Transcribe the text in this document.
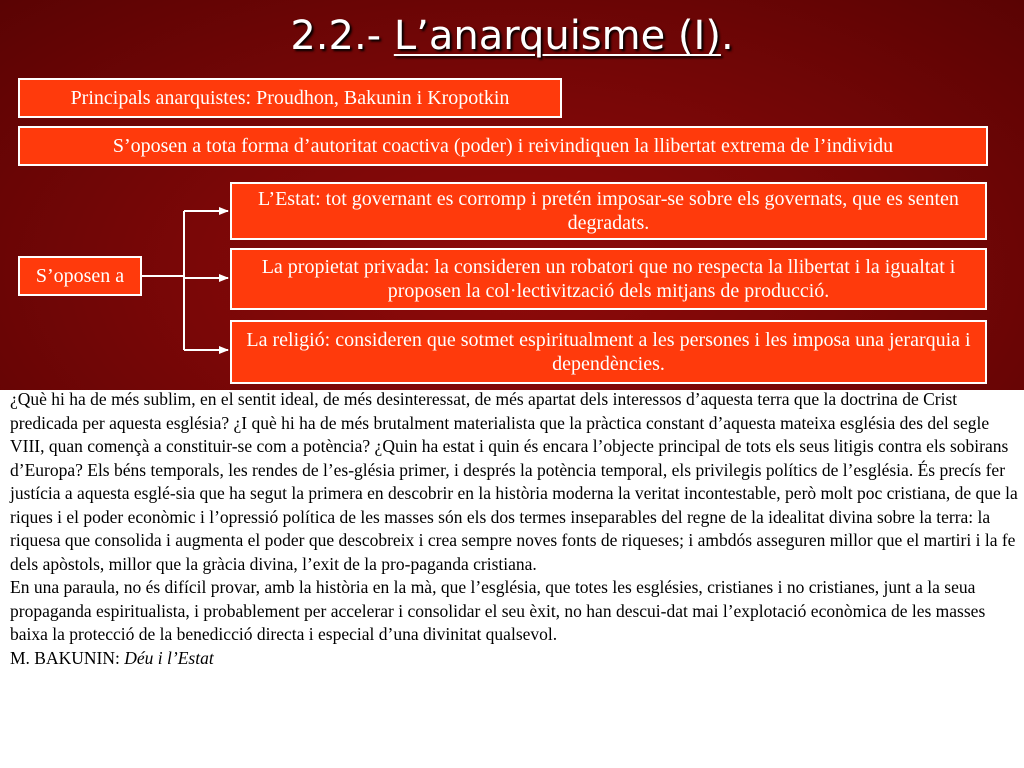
2.2.- L’anarquisme (I).
Principals anarquistes: Proudhon, Bakunin i Kropotkin
S’oposen a tota forma d’autoritat coactiva (poder) i reivindiquen la llibertat extrema de l’individu
S’oposen a
L’Estat: tot governant es corromp i pretén imposar-se sobre els governats, que es senten degradats.
La propietat privada: la consideren un robatori que no respecta la llibertat i la igualtat i proposen la col·lectivització dels mitjans de producció.
La religió: consideren que sotmet espiritualment a les persones i les imposa una jerarquia i dependències.

¿Què hi ha de més sublim, en el sentit ideal, de més desinteressat, de més apartat dels interessos d’aquesta terra que la doctrina de Crist predicada per aquesta església? ¿I què hi ha de més brutalment materialista que la pràctica constant d’aquesta mateixa església des del segle VIII, quan començà a constituir-se com a potència? ¿Quin ha estat i quin és encara l’objecte principal de tots els seus litigis contra els sobirans d’Europa? Els béns temporals, les rendes de l’es-glésia primer, i després la potència temporal, els privilegis polítics de l’església. És precís fer justícia a aquesta esglé-sia que ha segut la primera en descobrir en la història moderna la veritat incontestable, però molt poc cristiana, de que la riques i el poder econòmic i l’opressió política de les masses són els dos termes inseparables del regne de la idealitat divina sobre la terra: la riquesa que consolida i augmenta el poder que descobreix i crea sempre noves fonts de riqueses; i ambdós asseguren millor que el martiri i la fe dels apòstols, millor que la gràcia divina, l’exit de la pro-paganda cristiana.

En una paraula, no és difícil provar, amb la història en la mà, que l’església, que totes les esglésies, cristianes i no cristianes, junt a la seua propaganda espiritualista, i probablement per accelerar i consolidar el seu èxit, no han descui-dat mai l’explotació econòmica de les masses baixa la protecció de la benedicció directa i especial d’una divinitat qualsevol.

M. BAKUNIN: Déu i l’Estat
